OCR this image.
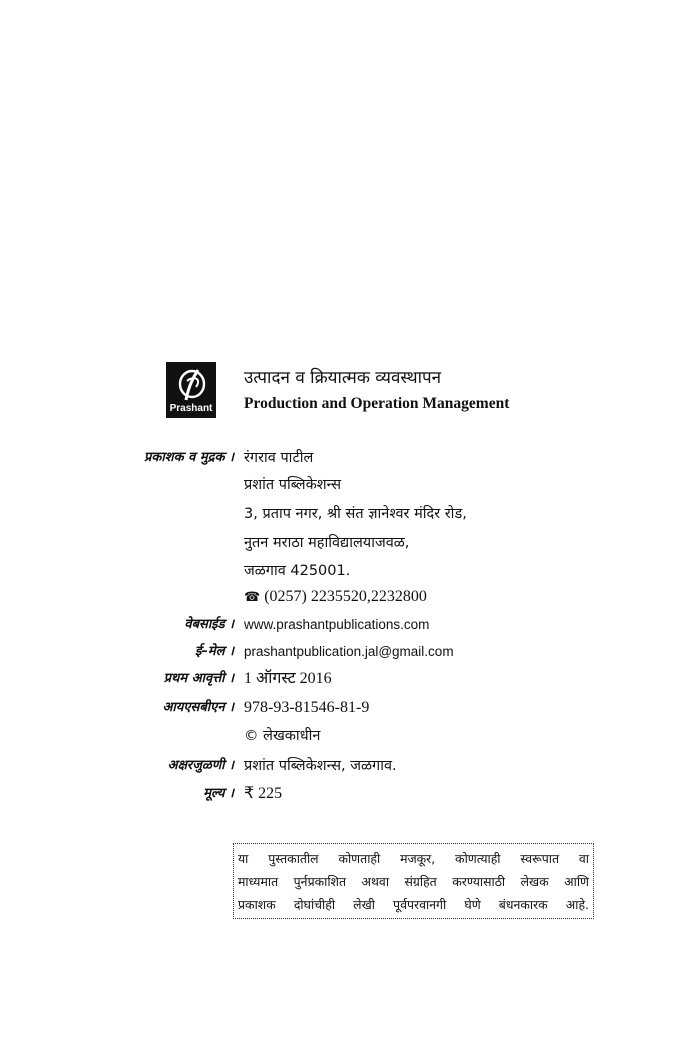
Prashant
उत्पादन व क्रियात्मक व्यवस्थापन
Production and Operation Management
प्रकाशक व मुद्रक । रंगराव पाटील
प्रशांत पब्लिकेशन्स
3, प्रताप नगर, श्री संत ज्ञानेश्वर मंदिर रोड,
नुतन मराठा महाविद्यालयाजवळ,
जळगाव 425001.
☎ (0257) 2235520,2232800
वेबसाईड । www.prashantpublications.com
ई–मेल । prashantpublication.jal@gmail.com
प्रथम आवृत्ती । 1 ऑगस्ट 2016
आयएसबीएन । 978-93-81546-81-9
© लेखकाधीन
अक्षरजुळणी । प्रशांत पब्लिकेशन्स, जळगाव.
मूल्य । ₹ 225
या पुस्तकातील कोणताही मजकूर, कोणत्याही स्वरूपात वा
माध्यमात पुर्नप्रकाशित अथवा संग्रहित करण्यासाठी लेखक आणि
प्रकाशक दोघांचीही लेखी पूर्वपरवानगी घेणे बंधनकारक आहे.
